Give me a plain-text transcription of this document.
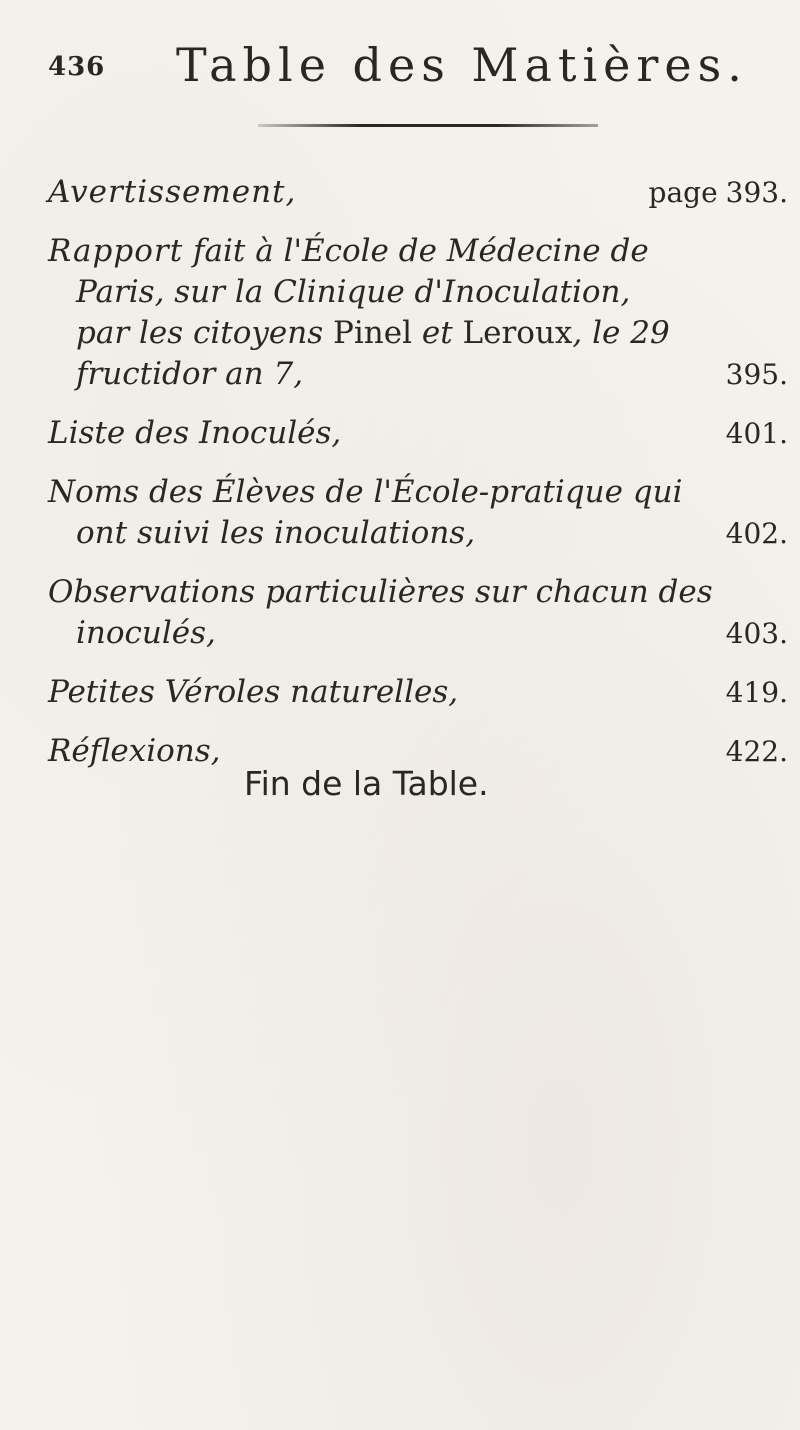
436 Table des Matières.
Avertissement,	page 393.
Rapport fait à l'École de Médecine de
Paris, sur la Clinique d'Inoculation,
par les citoyens Pinel et Leroux, le 29
fructidor an 7,	395.
Liste des Inoculés,	401.
Noms des Élèves de l'École-pratique qui
ont suivi les inoculations,	402.
Observations particulières sur chacun des
inoculés,	403.
Petites Véroles naturelles,	419.
Réflexions,	422.
Fin de la Table.
